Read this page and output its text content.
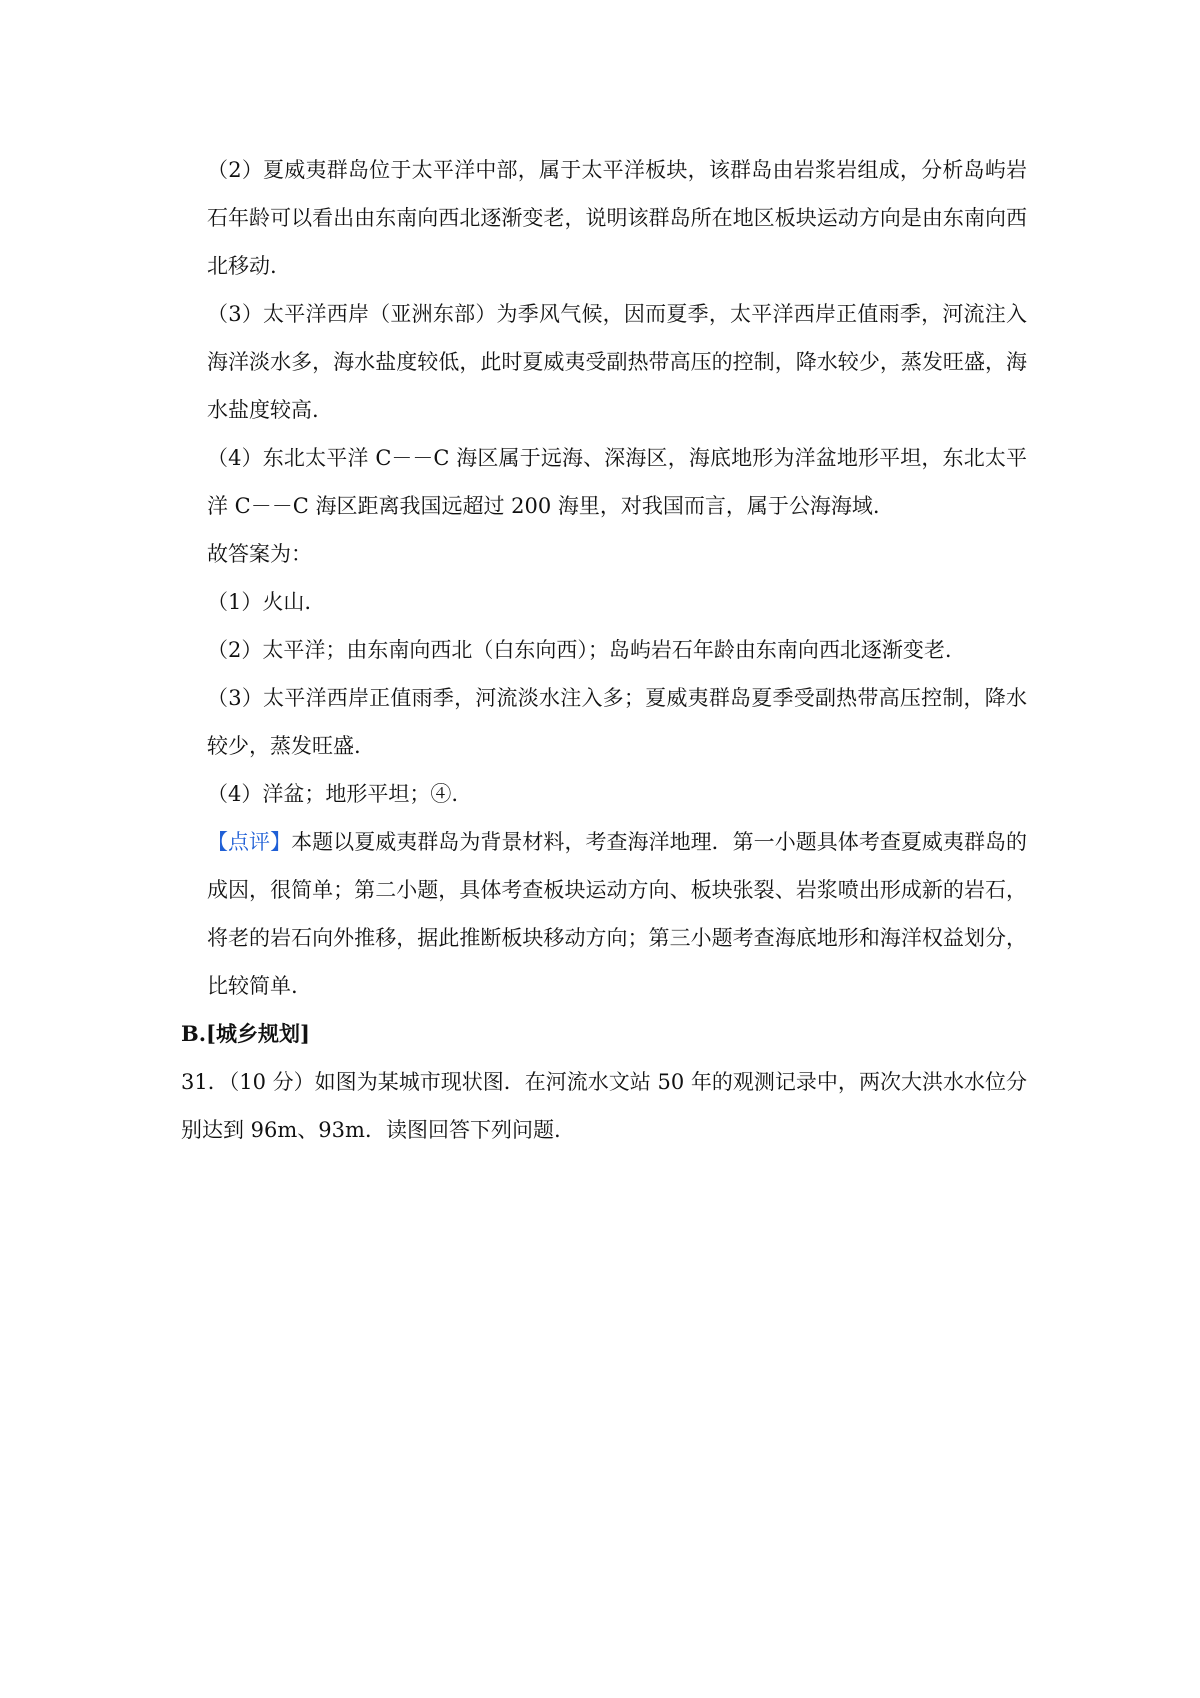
（2）夏威夷群岛位于太平洋中部，属于太平洋板块，该群岛由岩浆岩组成，分析岛屿岩石年龄可以看出由东南向西北逐渐变老，说明该群岛所在地区板块运动方向是由东南向西北移动.

（3）太平洋西岸（亚洲东部）为季风气候，因而夏季，太平洋西岸正值雨季，河流注入海洋淡水多，海水盐度较低，此时夏威夷受副热带高压的控制，降水较少，蒸发旺盛，海水盐度较高.

（4）东北太平洋 C－－C 海区属于远海、深海区，海底地形为洋盆地形平坦，东北太平洋 C－－C 海区距离我国远超过 200 海里，对我国而言，属于公海海域.

故答案为：

（1）火山.

（2）太平洋；由东南向西北（白东向西）；岛屿岩石年龄由东南向西北逐渐变老.

（3）太平洋西岸正值雨季，河流淡水注入多；夏威夷群岛夏季受副热带高压控制，降水较少，蒸发旺盛.

（4）洋盆；地形平坦；④.

【点评】本题以夏威夷群岛为背景材料，考查海洋地理．第一小题具体考查夏威夷群岛的成因，很简单；第二小题，具体考查板块运动方向、板块张裂、岩浆喷出形成新的岩石，将老的岩石向外推移，据此推断板块移动方向；第三小题考查海底地形和海洋权益划分，比较简单.

B.[城乡规划]

31．（10 分）如图为某城市现状图．在河流水文站 50 年的观测记录中，两次大洪水水位分别达到 96m、93m．读图回答下列问题.
